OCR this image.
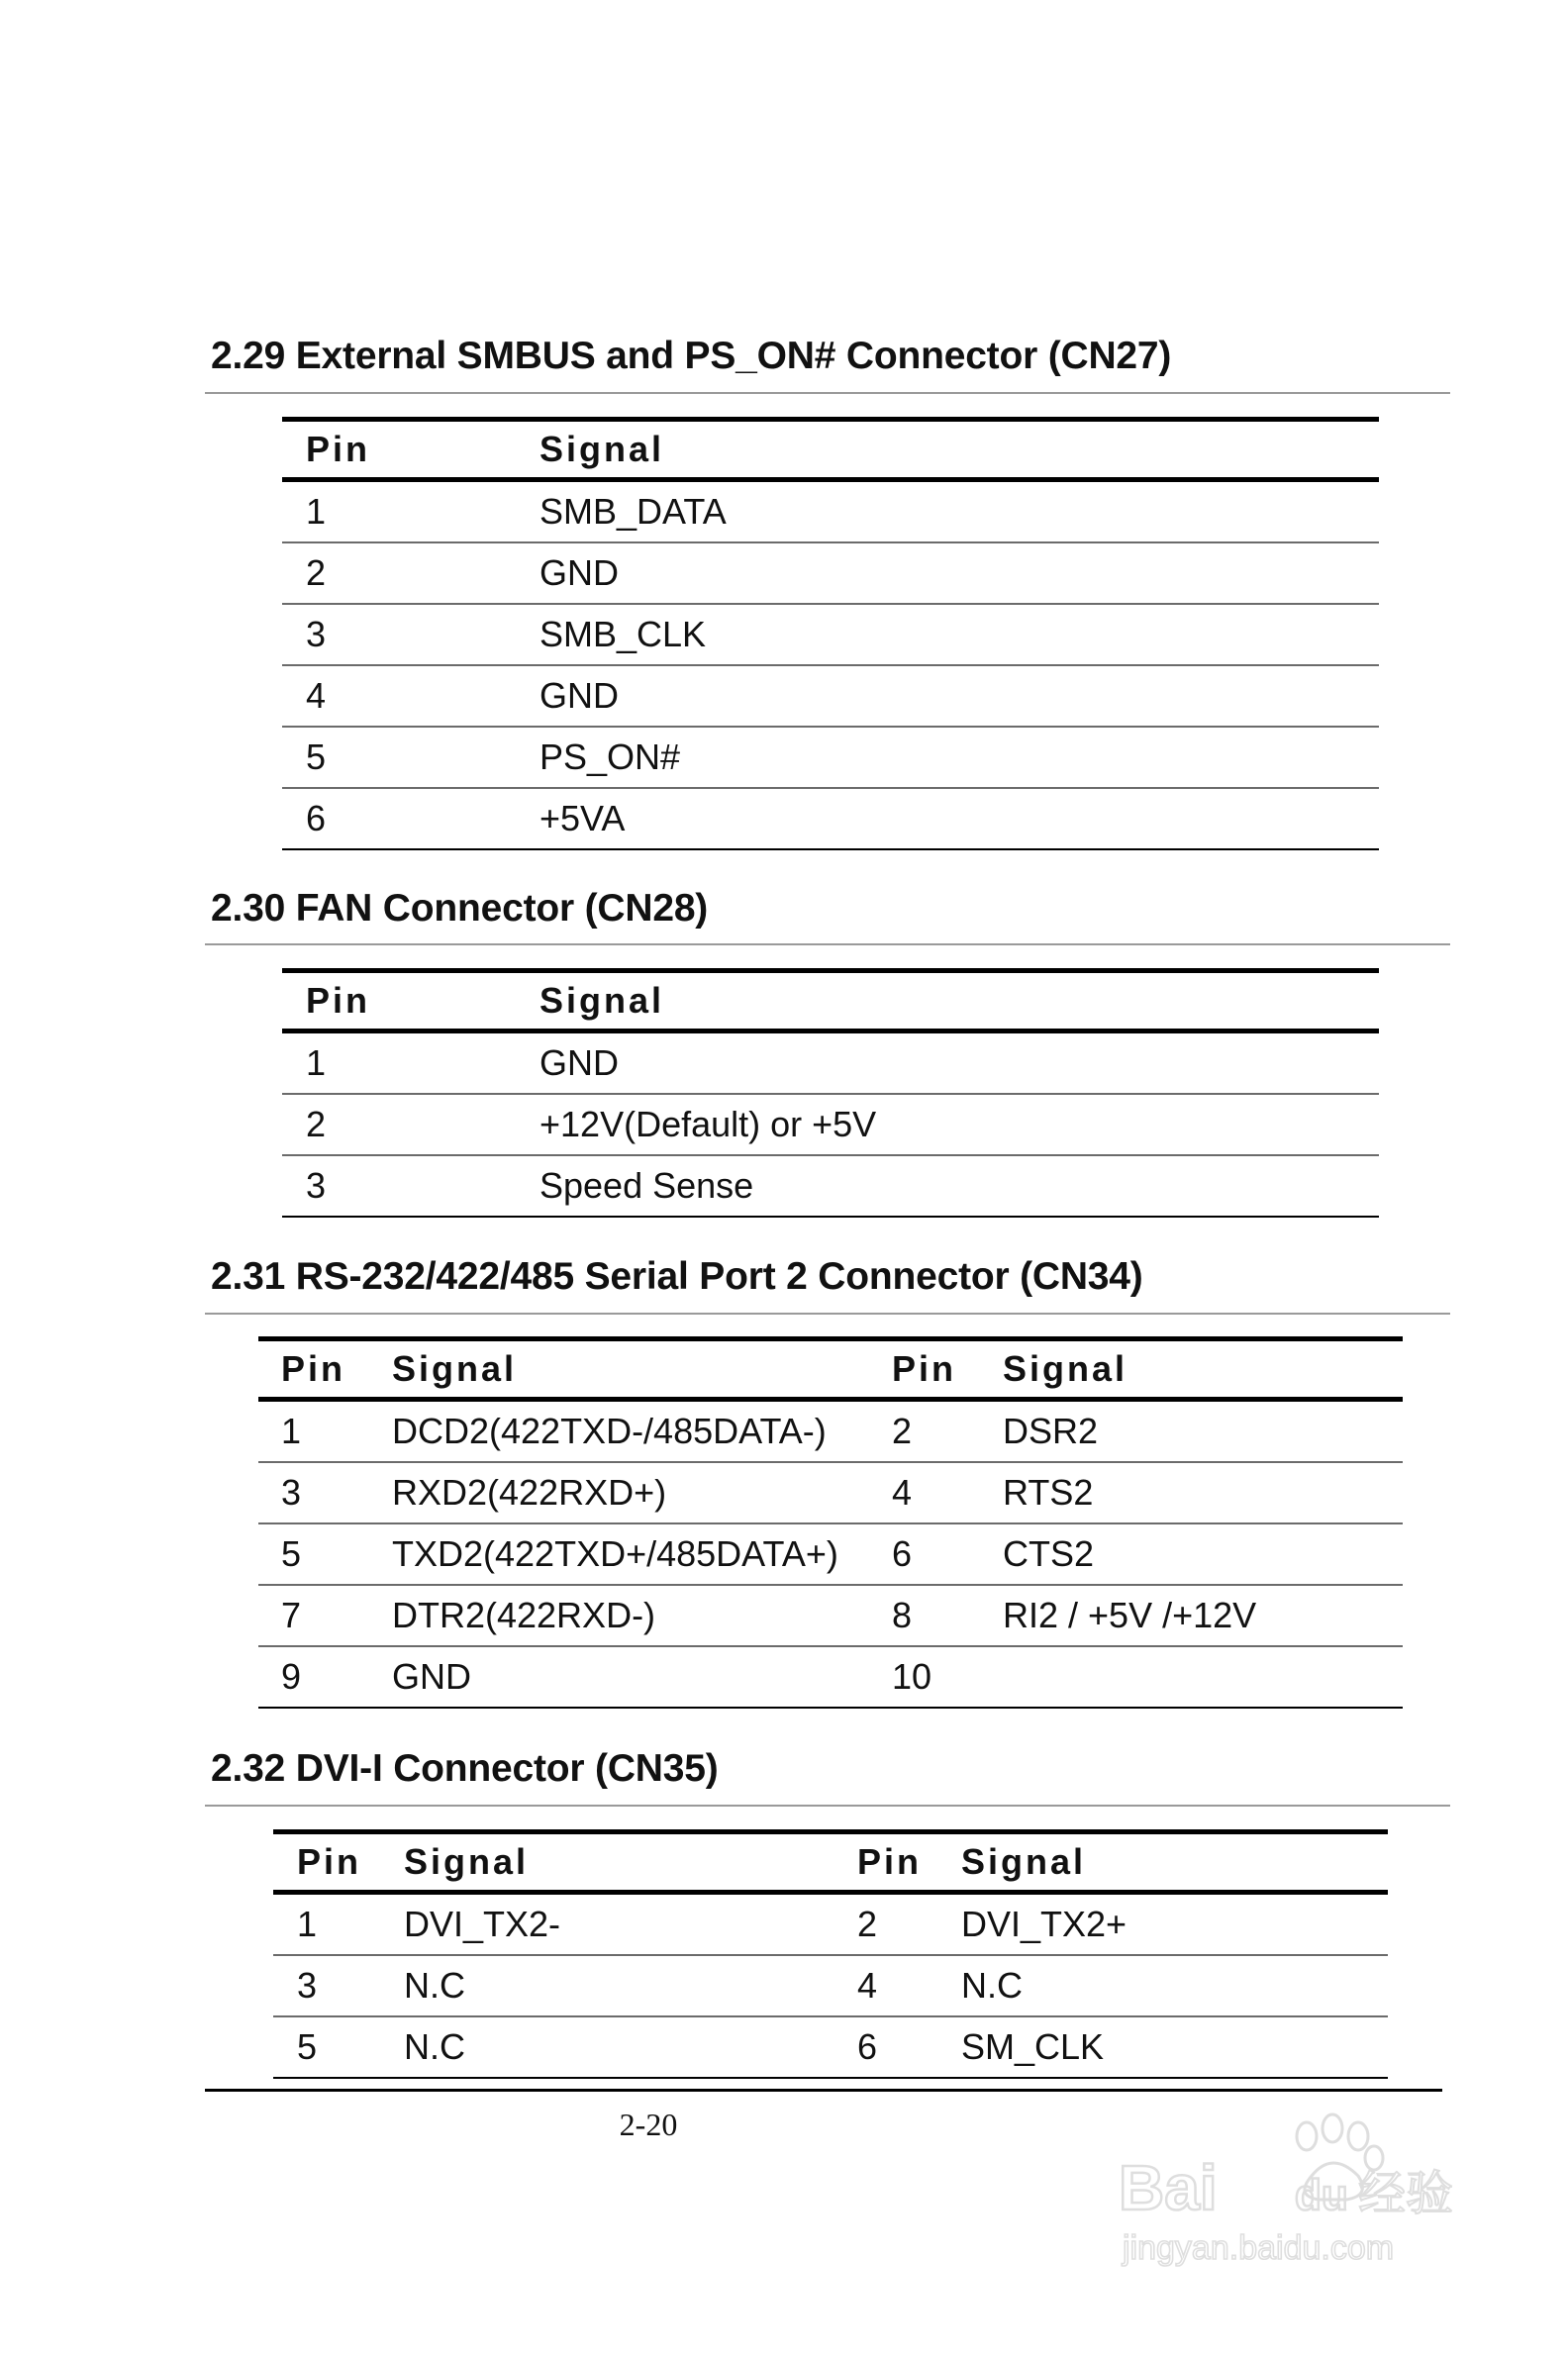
2.29 External SMBUS and PS_ON# Connector (CN27)
	Pin	Signal
	1	SMB_DATA
	2	GND
	3	SMB_CLK
	4	GND
	5	PS_ON#
	6	+5VA
2.30 FAN Connector (CN28)
	Pin	Signal
	1	GND
	2	+12V(Default) or +5V
	3	Speed Sense
2.31 RS-232/422/485 Serial Port 2 Connector (CN34)
	Pin	Signal	Pin	Signal
	1	DCD2(422TXD-/485DATA-)	2	DSR2
	3	RXD2(422RXD+)	4	RTS2
	5	TXD2(422TXD+/485DATA+)	6	CTS2
	7	DTR2(422RXD-)	8	RI2 / +5V /+12V
	9	GND	10	
2.32 DVI-I Connector (CN35)
	Pin	Signal	Pin	Signal
	1	DVI_TX2-	2	DVI_TX2+
	3	N.C	4	N.C
	5	N.C	6	SM_CLK
2-20
Bai du 经验
jingyan.baidu.com
